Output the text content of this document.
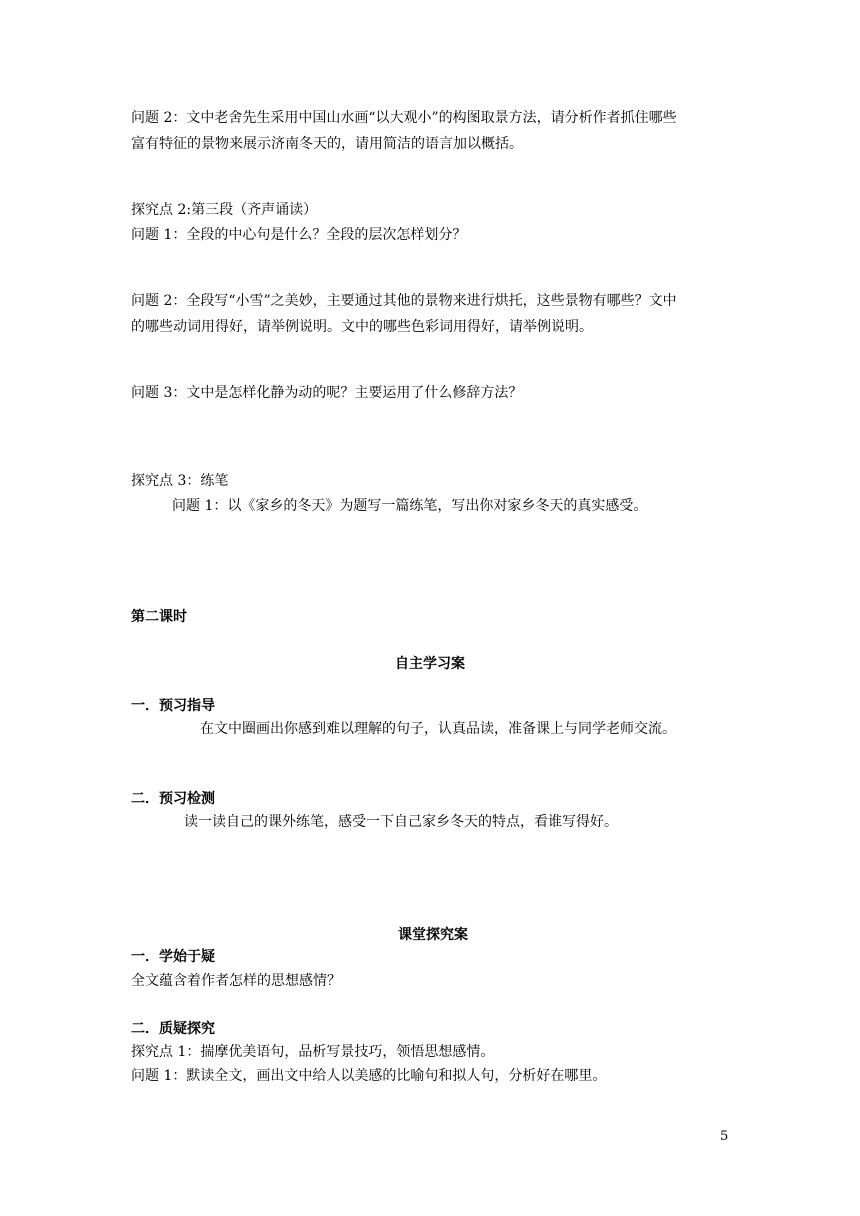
问题 2：文中老舍先生采用中国山水画“以大观小”的构图取景方法，请分析作者抓住哪些

富有特征的景物来展示济南冬天的，请用简洁的语言加以概括。

探究点 2:第三段（齐声诵读）

问题 1：全段的中心句是什么？全段的层次怎样划分？

问题 2：全段写“小雪”之美妙，主要通过其他的景物来进行烘托，这些景物有哪些？文中

的哪些动词用得好，请举例说明。文中的哪些色彩词用得好，请举例说明。

问题 3：文中是怎样化静为动的呢？主要运用了什么修辞方法？

探究点 3：练笔

问题 1：以《家乡的冬天》为题写一篇练笔，写出你对家乡冬天的真实感受。

第二课时

自主学习案

一．预习指导

在文中圈画出你感到难以理解的句子，认真品读，准备课上与同学老师交流。

二．预习检测

读一读自己的课外练笔，感受一下自己家乡冬天的特点，看谁写得好。

课堂探究案

一．学始于疑

全文蕴含着作者怎样的思想感情？

二．质疑探究

探究点 1：揣摩优美语句，品析写景技巧，领悟思想感情。

问题 1：默读全文，画出文中给人以美感的比喻句和拟人句，分析好在哪里。

5
